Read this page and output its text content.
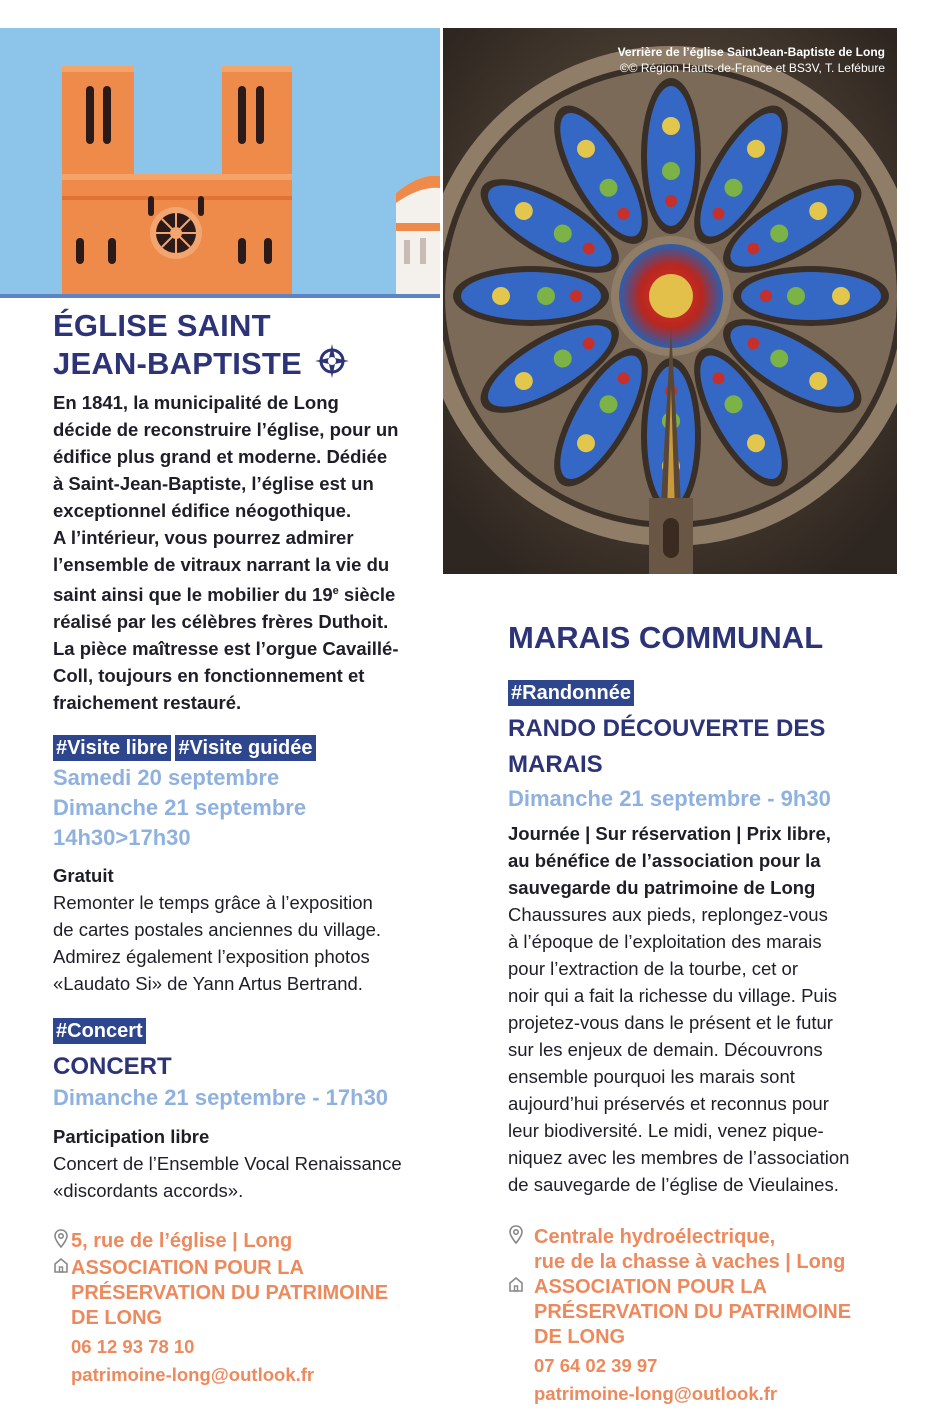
Verrière de l’église SaintJean-Baptiste de Long
©© Région Hauts-de-France et BS3V, T. Lefébure
ÉGLISE SAINT
JEAN-BAPTISTE
En 1841, la municipalité de Long
décide de reconstruire l’église, pour un
édifice plus grand et moderne. Dédiée
à Saint-Jean-Baptiste, l’église est un
exceptionnel édifice néogothique.
A l’intérieur, vous pourrez admirer
l’ensemble de vitraux narrant la vie du
saint ainsi que le mobilier du 19e siècle
réalisé par les célèbres frères Duthoit.
La pièce maîtresse est l’orgue Cavaillé-
Coll, toujours en fonctionnement et
fraichement restauré.
#Visite libre #Visite guidée
Samedi 20 septembre
Dimanche 21 septembre
14h30>17h30
Gratuit
Remonter le temps grâce à l’exposition
de cartes postales anciennes du village.
Admirez également l’exposition photos
«Laudato Si» de Yann Artus Bertrand.
#Concert
CONCERT
Dimanche 21 septembre - 17h30
Participation libre
Concert de l’Ensemble Vocal Renaissance
«discordants accords».
5, rue de l’église | Long
ASSOCIATION POUR LA
PRÉSERVATION DU PATRIMOINE
DE LONG
06 12 93 78 10
patrimoine-long@outlook.fr
MARAIS COMMUNAL
#Randonnée
RANDO DÉCOUVERTE DES
MARAIS
Dimanche 21 septembre - 9h30
Journée | Sur réservation | Prix libre,
au bénéfice de l’association pour la
sauvegarde du patrimoine de Long
Chaussures aux pieds, replongez-vous
à l’époque de l’exploitation des marais
pour l’extraction de la tourbe, cet or
noir qui a fait la richesse du village. Puis
projetez-vous dans le présent et le futur
sur les enjeux de demain. Découvrons
ensemble pourquoi les marais sont
aujourd’hui préservés et reconnus pour
leur biodiversité. Le midi, venez pique-
niquez avec les membres de l’association
de sauvegarde de l’église de Vieulaines.
Centrale hydroélectrique,
rue de la chasse à vaches | Long
ASSOCIATION POUR LA
PRÉSERVATION DU PATRIMOINE
DE LONG
07 64 02 39 97
patrimoine-long@outlook.fr
